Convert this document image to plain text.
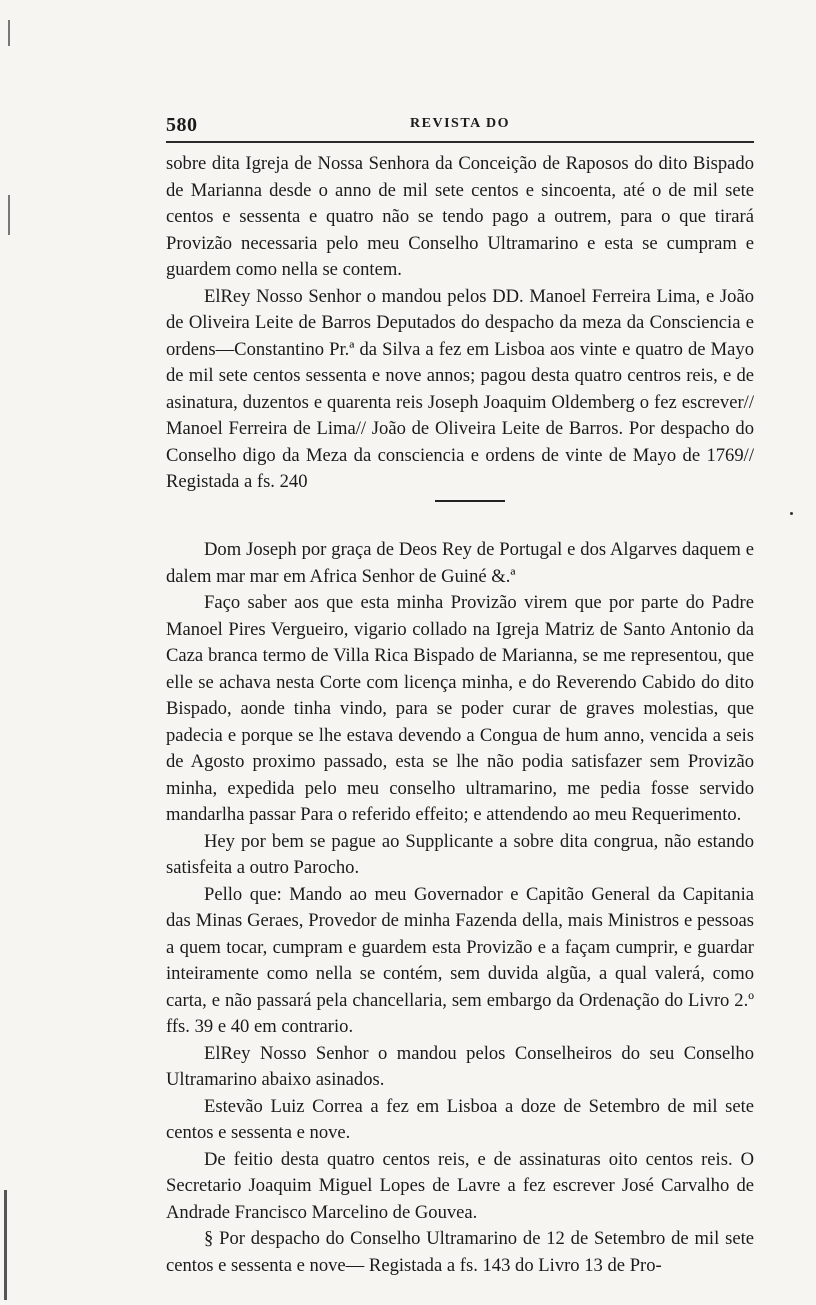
580	REVISTA DO

sobre dita Igreja de Nossa Senhora da Conceição de Raposos do dito Bispado de Marianna desde o anno de mil sete centos e sincoenta, até o de mil sete centos e sessenta e quatro não se tendo pago a outrem, para o que tirará Provizão necessaria pelo meu Conselho Ultramarino e esta se cumpram e guardem como nella se contem.

ElRey Nosso Senhor o mandou pelos DD. Manoel Ferreira Lima, e João de Oliveira Leite de Barros Deputados do despacho da meza da Consciencia e ordens—Constantino Pr.ª da Silva a fez em Lisboa aos vinte e quatro de Mayo de mil sete centos sessenta e nove annos; pagou desta quatro centros reis, e de asinatura, duzentos e quarenta reis Joseph Joaquim Oldemberg o fez escrever// Manoel Ferreira de Lima// João de Oliveira Leite de Barros. Por despacho do Conselho digo da Meza da consciencia e ordens de vinte de Mayo de 1769// Registada a fs. 240

Dom Joseph por graça de Deos Rey de Portugal e dos Algarves daquem e dalem mar mar em Africa Senhor de Guiné &.ª

Faço saber aos que esta minha Provizão virem que por parte do Padre Manoel Pires Vergueiro, vigario collado na Igreja Matriz de Santo Antonio da Caza branca termo de Villa Rica Bispado de Marianna, se me representou, que elle se achava nesta Corte com licença minha, e do Reverendo Cabido do dito Bispado, aonde tinha vindo, para se poder curar de graves molestias, que padecia e porque se lhe estava devendo a Congua de hum anno, vencida a seis de Agosto proximo passado, esta se lhe não podia satisfazer sem Provizão minha, expedida pelo meu conselho ultramarino, me pedia fosse servido mandarlha passar Para o referido effeito; e attendendo ao meu Requerimento.

Hey por bem se pague ao Supplicante a sobre dita congrua, não estando satisfeita a outro Parocho.

Pello que: Mando ao meu Governador e Capitão General da Capitania das Minas Geraes, Provedor de minha Fazenda della, mais Ministros e pessoas a quem tocar, cumpram e guardem esta Provizão e a façam cumprir, e guardar inteiramente como nella se contém, sem duvida algũa, a qual valerá, como carta, e não passará pela chancellaria, sem embargo da Ordenação do Livro 2.º ffs. 39 e 40 em contrario.

ElRey Nosso Senhor o mandou pelos Conselheiros do seu Conselho Ultramarino abaixo asinados.

Estevão Luiz Correa a fez em Lisboa a doze de Setembro de mil sete centos e sessenta e nove.

De feitio desta quatro centos reis, e de assinaturas oito centos reis. O Secretario Joaquim Miguel Lopes de Lavre a fez escrever José Carvalho de Andrade Francisco Marcelino de Gouvea.

§ Por despacho do Conselho Ultramarino de 12 de Setembro de mil sete centos e sessenta e nove— Registada a fs. 143 do Livro 13 de Pro-
